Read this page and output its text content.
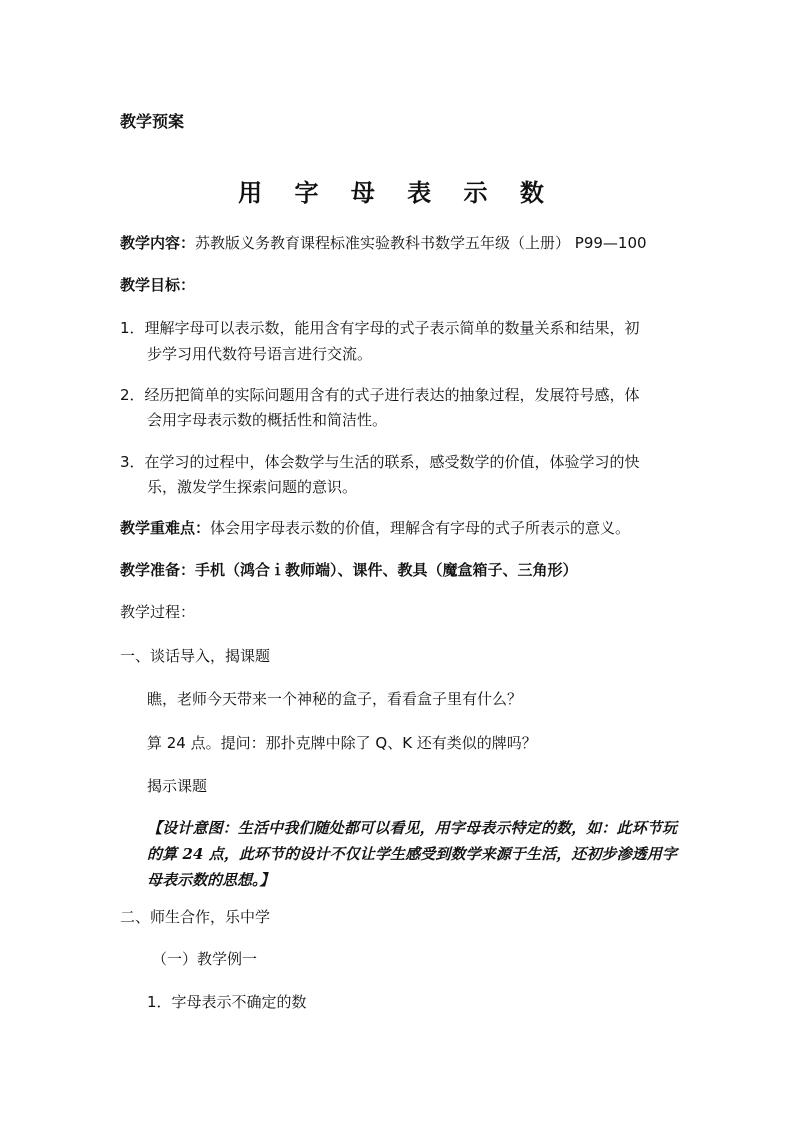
教学预案
用 字 母 表 示 数
教学内容：苏教版义务教育课程标准实验教科书数学五年级（上册） P99—100
教学目标：
1．理解字母可以表示数，能用含有字母的式子表示简单的数量关系和结果，初
步学习用代数符号语言进行交流。
2．经历把简单的实际问题用含有的式子进行表达的抽象过程，发展符号感，体
会用字母表示数的概括性和简洁性。
3．在学习的过程中，体会数学与生活的联系，感受数学的价值，体验学习的快
乐，激发学生探索问题的意识。
教学重难点：体会用字母表示数的价值，理解含有字母的式子所表示的意义。
教学准备：手机（鸿合ｉ教师端）、课件、教具（魔盒箱子、三角形）
教学过程：
一、谈话导入，揭课题
瞧，老师今天带来一个神秘的盒子，看看盒子里有什么？
算 24 点。提问：那扑克牌中除了 Q、K 还有类似的牌吗？
揭示课题
【设计意图：生活中我们随处都可以看见，用字母表示特定的数，如：此环节玩的算 24 点，此环节的设计不仅让学生感受到数学来源于生活，还初步渗透用字母表示数的思想。】
二、师生合作，乐中学
（一）教学例一
1．字母表示不确定的数
